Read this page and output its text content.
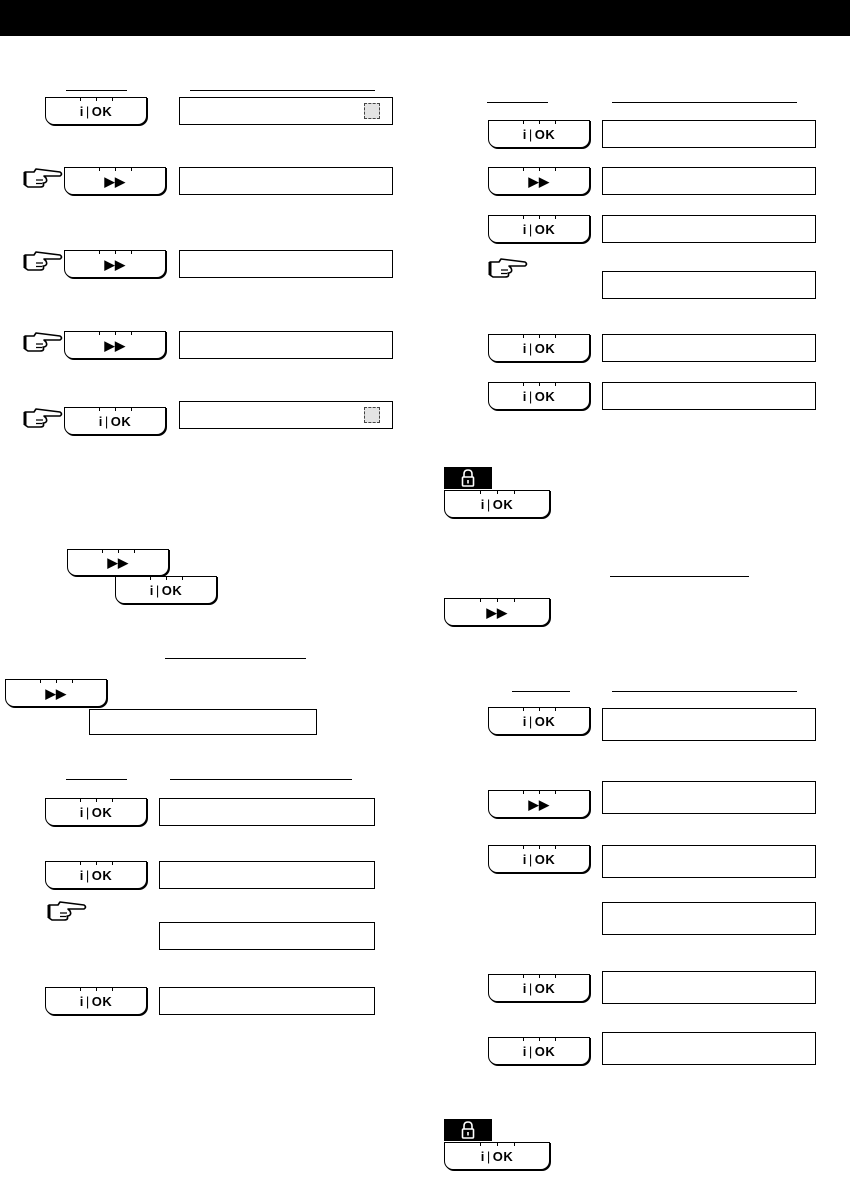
i | OK
▶▶
▶▶
▶▶
i | OK
▶▶
i | OK
▶▶
i | OK
i | OK
i | OK
i | OK
▶▶
i | OK
i | OK
i | OK
i | OK
▶▶
i | OK
▶▶
i | OK
i | OK
i | OK
i | OK
